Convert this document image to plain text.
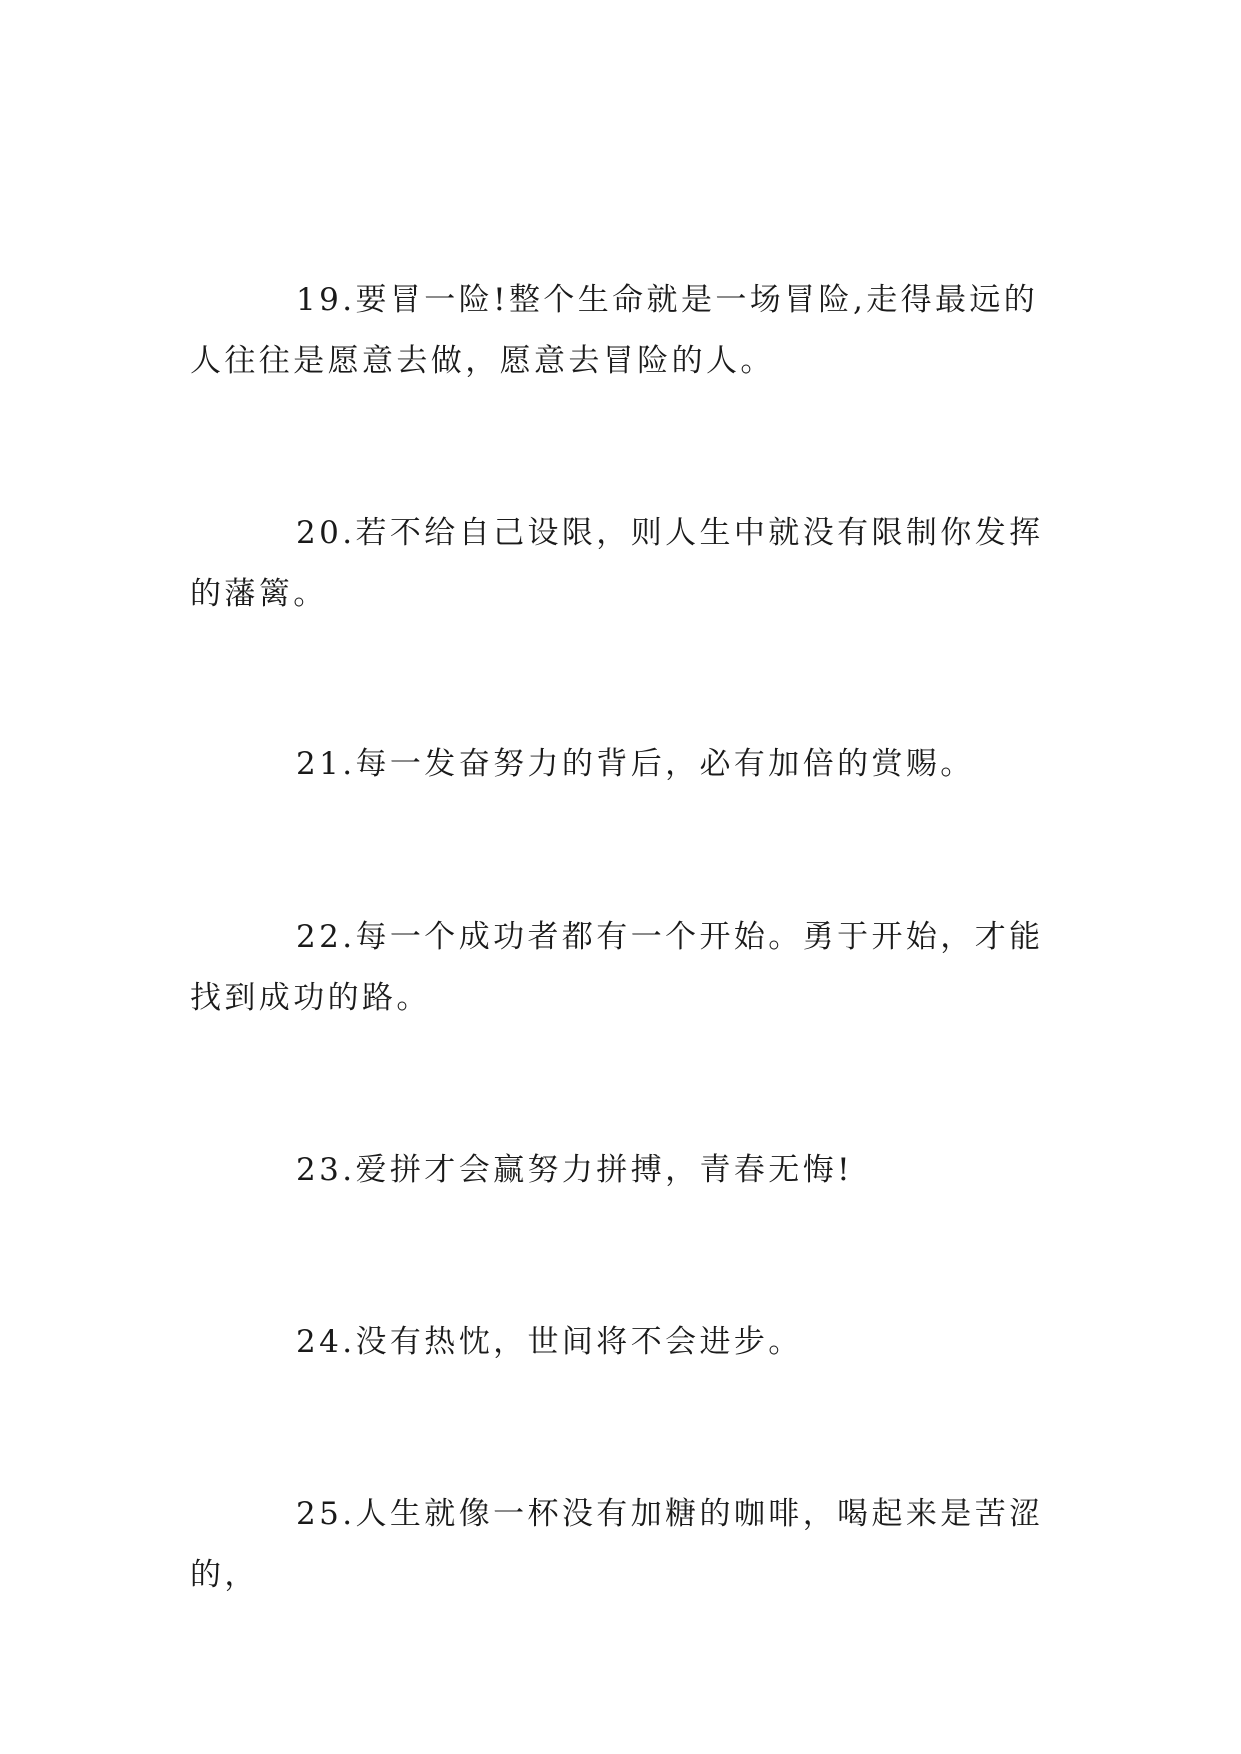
19.要冒一险!整个生命就是一场冒险,走得最远的人往往是愿意去做，愿意去冒险的人。

20.若不给自己设限，则人生中就没有限制你发挥的藩篱。

21.每一发奋努力的背后，必有加倍的赏赐。

22.每一个成功者都有一个开始。勇于开始，才能找到成功的路。

23.爱拼才会赢努力拼搏，青春无悔!

24.没有热忱，世间将不会进步。

25.人生就像一杯没有加糖的咖啡，喝起来是苦涩的，
